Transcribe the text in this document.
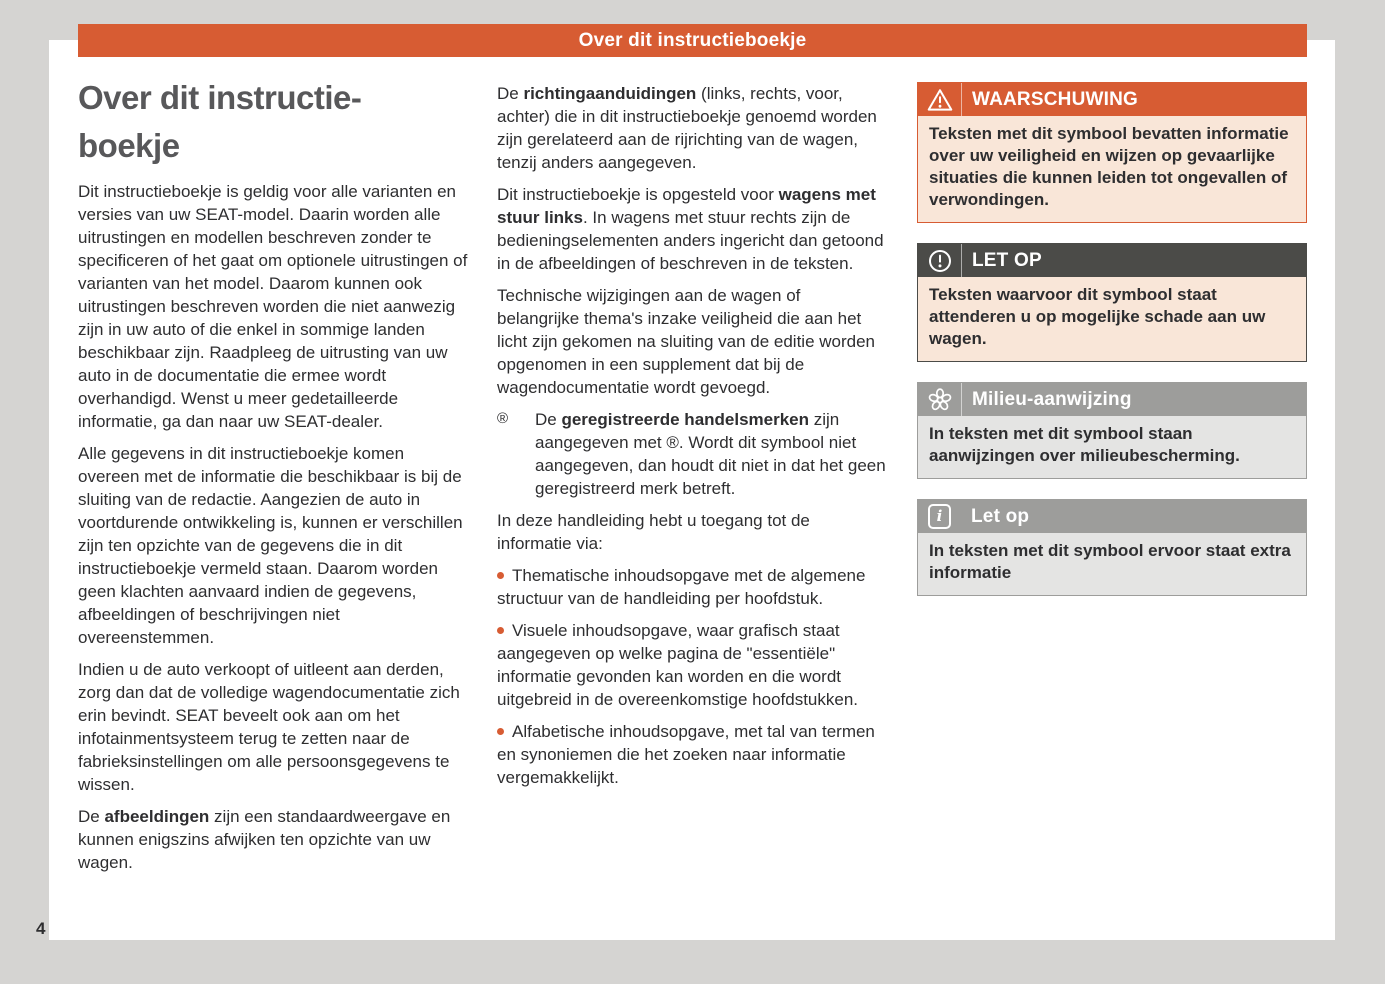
Over dit instructieboekje
Over dit instructie-
boekje

Dit instructieboekje is geldig voor alle varianten en versies van uw SEAT-model. Daarin worden alle uitrustingen en modellen beschreven zonder te specificeren of het gaat om optionele uitrustingen of varianten van het model. Daarom kunnen ook uitrustingen beschreven worden die niet aanwezig zijn in uw auto of die enkel in sommige landen beschikbaar zijn. Raadpleeg de uitrusting van uw auto in de documentatie die ermee wordt overhandigd. Wenst u meer gedetailleerde informatie, ga dan naar uw SEAT-dealer.

Alle gegevens in dit instructieboekje komen overeen met de informatie die beschikbaar is bij de sluiting van de redactie. Aangezien de auto in voortdurende ontwikkeling is, kunnen er verschillen zijn ten opzichte van de gegevens die in dit instructieboekje vermeld staan. Daarom worden geen klachten aanvaard indien de gegevens, afbeeldingen of beschrijvingen niet overeenstemmen.

Indien u de auto verkoopt of uitleent aan derden, zorg dan dat de volledige wagendocumentatie zich erin bevindt. SEAT beveelt ook aan om het infotainmentsysteem terug te zetten naar de fabrieksinstellingen om alle persoonsgegevens te wissen.

De afbeeldingen zijn een standaardweergave en kunnen enigszins afwijken ten opzichte van uw wagen.

De richtingaanduidingen (links, rechts, voor, achter) die in dit instructieboekje genoemd worden zijn gerelateerd aan de rijrichting van de wagen, tenzij anders aangegeven.

Dit instructieboekje is opgesteld voor wagens met stuur links. In wagens met stuur rechts zijn de bedieningselementen anders ingericht dan getoond in de afbeeldingen of beschreven in de teksten.

Technische wijzigingen aan de wagen of belangrijke thema's inzake veiligheid die aan het licht zijn gekomen na sluiting van de editie worden opgenomen in een supplement dat bij de wagendocumentatie wordt gevoegd.

®	De geregistreerde handelsmerken zijn aangegeven met ®. Wordt dit symbool niet aangegeven, dan houdt dit niet in dat het geen geregistreerd merk betreft.

In deze handleiding hebt u toegang tot de informatie via:

Thematische inhoudsopgave met de algemene structuur van de handleiding per hoofdstuk.

Visuele inhoudsopgave, waar grafisch staat aangegeven op welke pagina de "essentiële" informatie gevonden kan worden en die wordt uitgebreid in de overeenkomstige hoofdstukken.

Alfabetische inhoudsopgave, met tal van termen en synoniemen die het zoeken naar informatie vergemakkelijkt.

WAARSCHUWING
Teksten met dit symbool bevatten informatie over uw veiligheid en wijzen op gevaarlijke situaties die kunnen leiden tot ongevallen of verwondingen.
LET OP
Teksten waarvoor dit symbool staat attenderen u op mogelijke schade aan uw wagen.
Milieu-aanwijzing
In teksten met dit symbool staan aanwijzingen over milieubescherming.
i	Let op
In teksten met dit symbool ervoor staat extra informatie
4
